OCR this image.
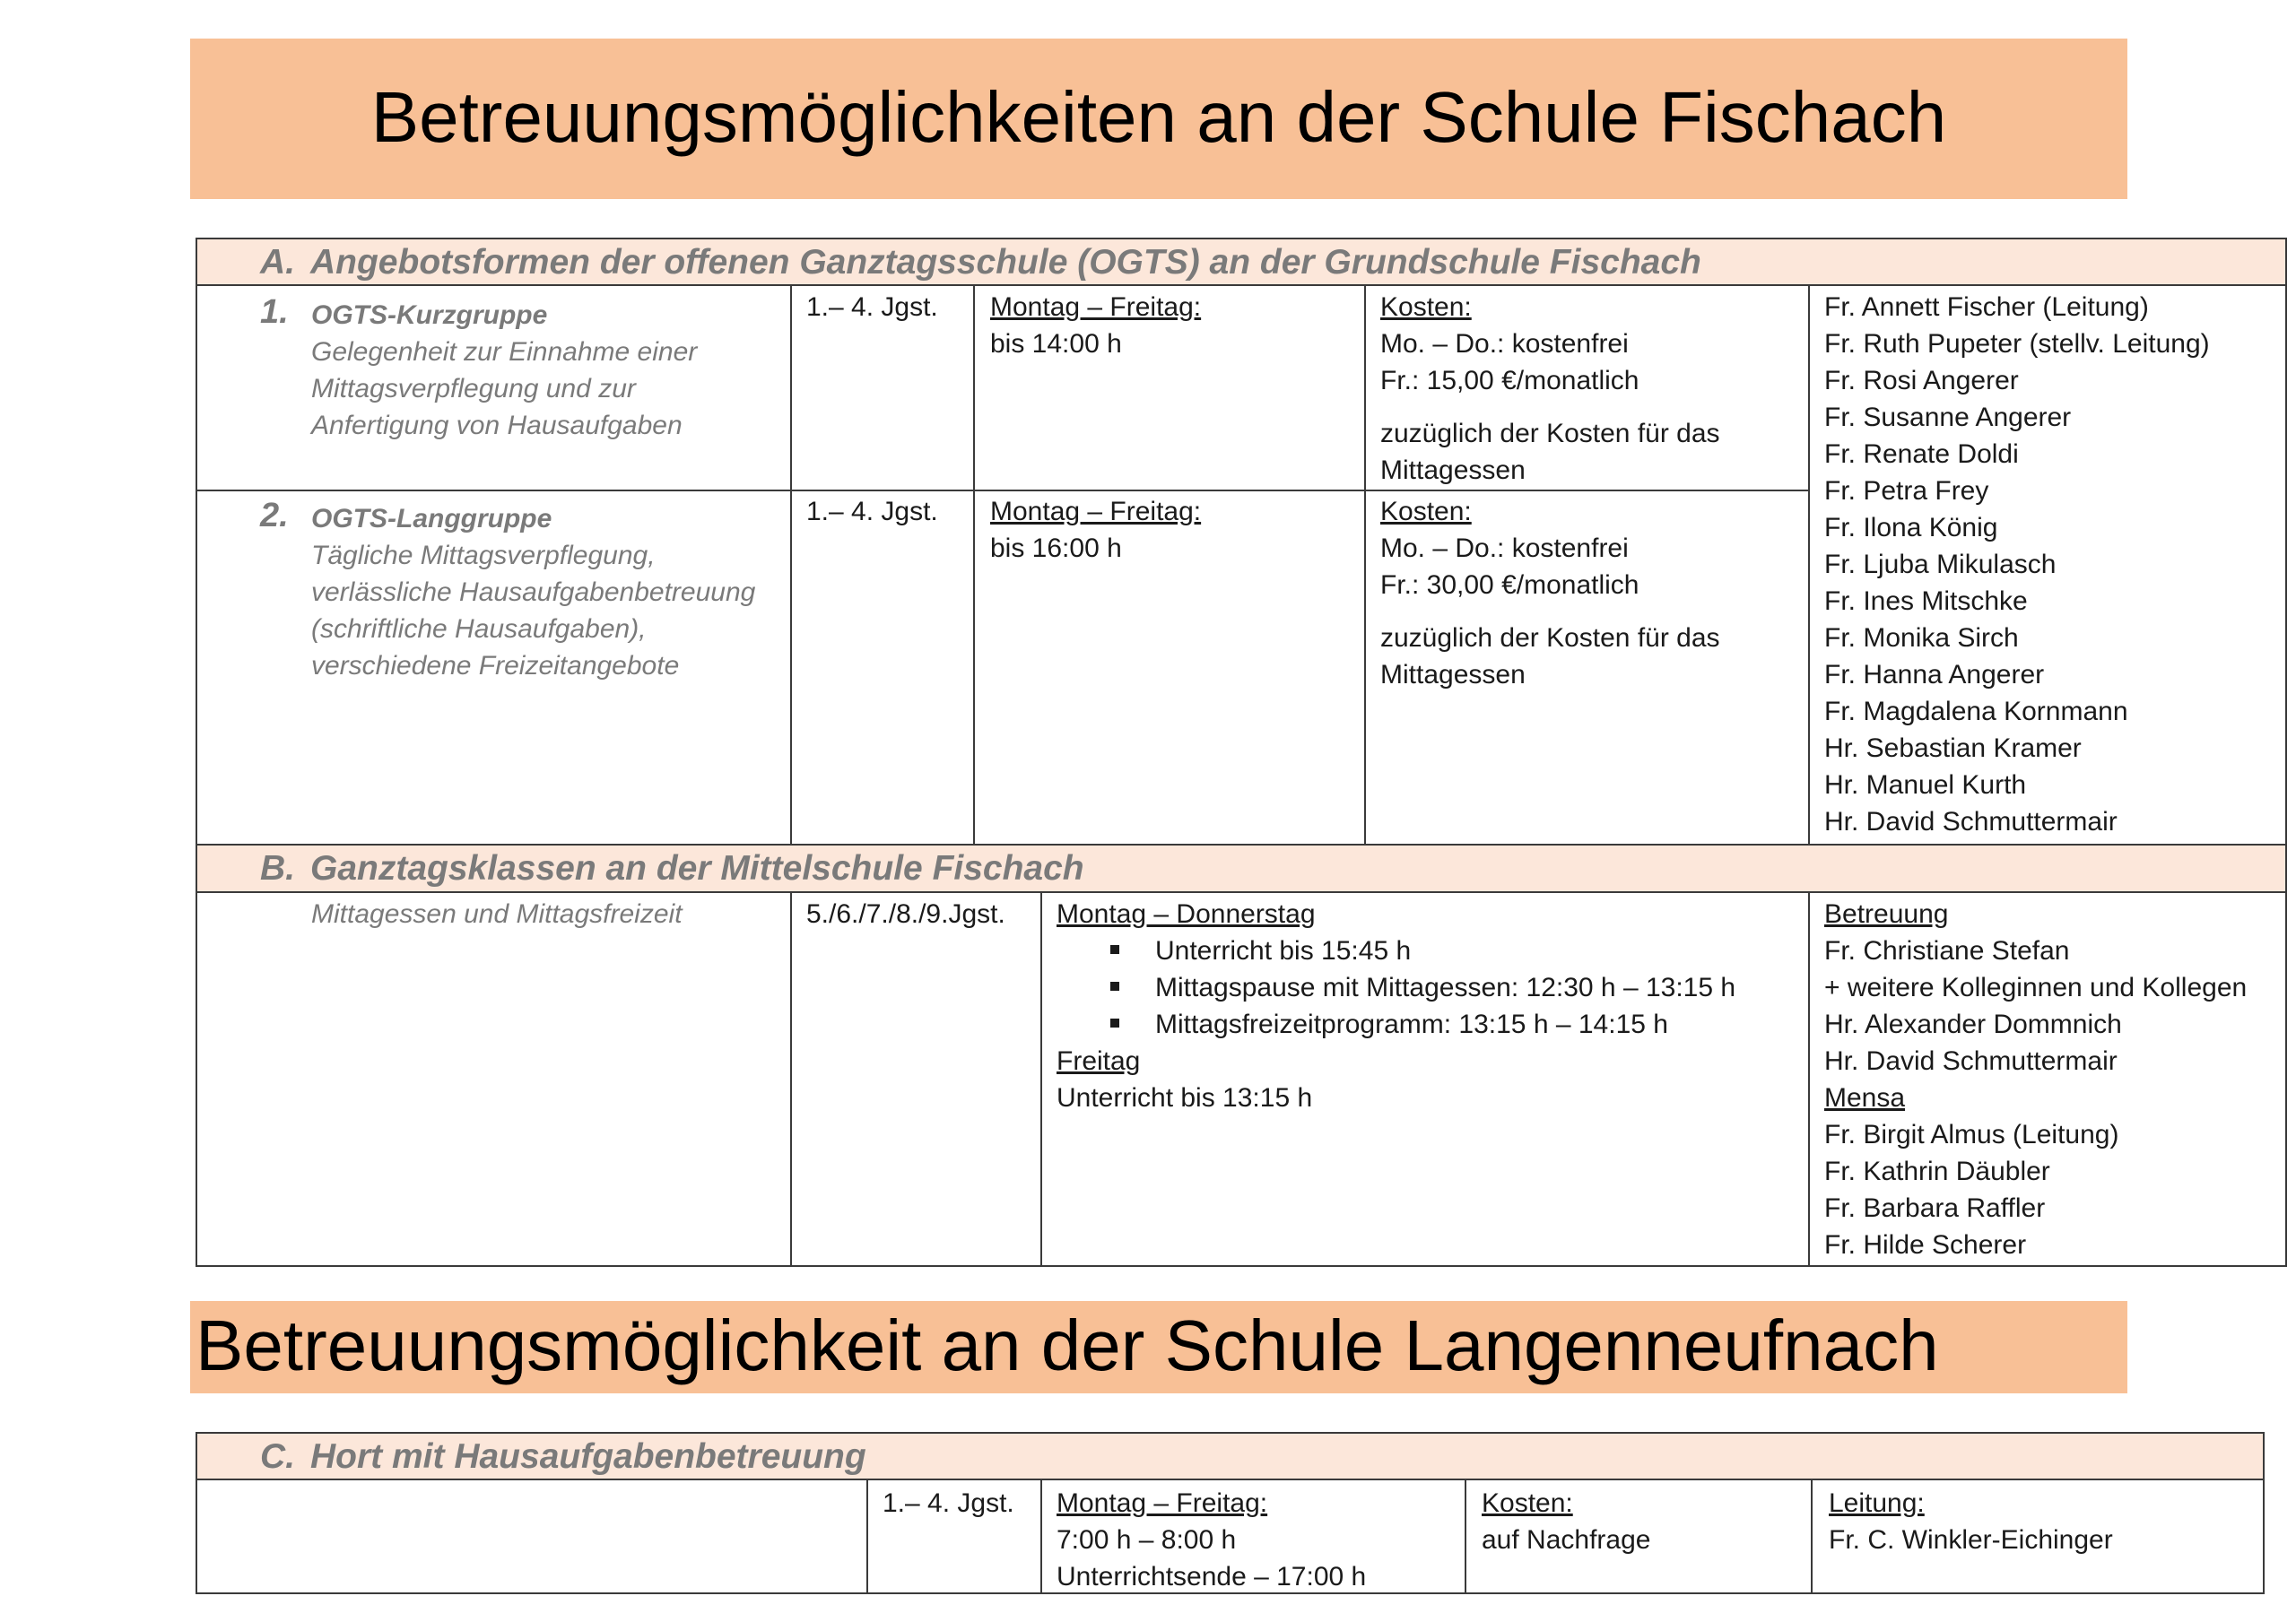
Betreuungsmöglichkeiten an der Schule Fischach
A. Angebotsformen der offenen Ganztagsschule (OGTS) an der Grundschule Fischach
1. OGTS-Kurzgruppe
Gelegenheit zur Einnahme einer
Mittagsverpflegung und zur
Anfertigung von Hausaufgaben
1.– 4. Jgst. Montag – Freitag:
bis 14:00 h
Kosten:
Mo. – Do.: kostenfrei
Fr.: 15,00 €/monatlich
zuzüglich der Kosten für das
Mittagessen
2. OGTS-Langgruppe
Tägliche Mittagsverpflegung,
verlässliche Hausaufgabenbetreuung
(schriftliche Hausaufgaben),
verschiedene Freizeitangebote
1.– 4. Jgst. Montag – Freitag:
bis 16:00 h
Kosten:
Mo. – Do.: kostenfrei
Fr.: 30,00 €/monatlich
zuzüglich der Kosten für das
Mittagessen
Fr. Annett Fischer (Leitung)
Fr. Ruth Pupeter (stellv. Leitung)
Fr. Rosi Angerer
Fr. Susanne Angerer
Fr. Renate Doldi
Fr. Petra Frey
Fr. Ilona König
Fr. Ljuba Mikulasch
Fr. Ines Mitschke
Fr. Monika Sirch
Fr. Hanna Angerer
Fr. Magdalena Kornmann
Hr. Sebastian Kramer
Hr. Manuel Kurth
Hr. David Schmuttermair
B. Ganztagsklassen an der Mittelschule Fischach
Mittagessen und Mittagsfreizeit	5./6./7./8./9.Jgst. Montag – Donnerstag
Unterricht bis 15:45 h
Mittagspause mit Mittagessen: 12:30 h – 13:15 h
Mittagsfreizeitprogramm: 13:15 h – 14:15 h
Freitag
Unterricht bis 13:15 h
Betreuung
Fr. Christiane Stefan
+ weitere Kolleginnen und Kollegen
Hr. Alexander Dommnich
Hr. David Schmuttermair
Mensa
Fr. Birgit Almus (Leitung)
Fr. Kathrin Däubler
Fr. Barbara Raffler
Fr. Hilde Scherer
Betreuungsmöglichkeit an der Schule Langenneufnach
C. Hort mit Hausaufgabenbetreuung
1.– 4. Jgst. Montag – Freitag:
7:00 h – 8:00 h
Unterrichtsende – 17:00 h
Kosten:
auf Nachfrage
Leitung:
Fr. C. Winkler-Eichinger
